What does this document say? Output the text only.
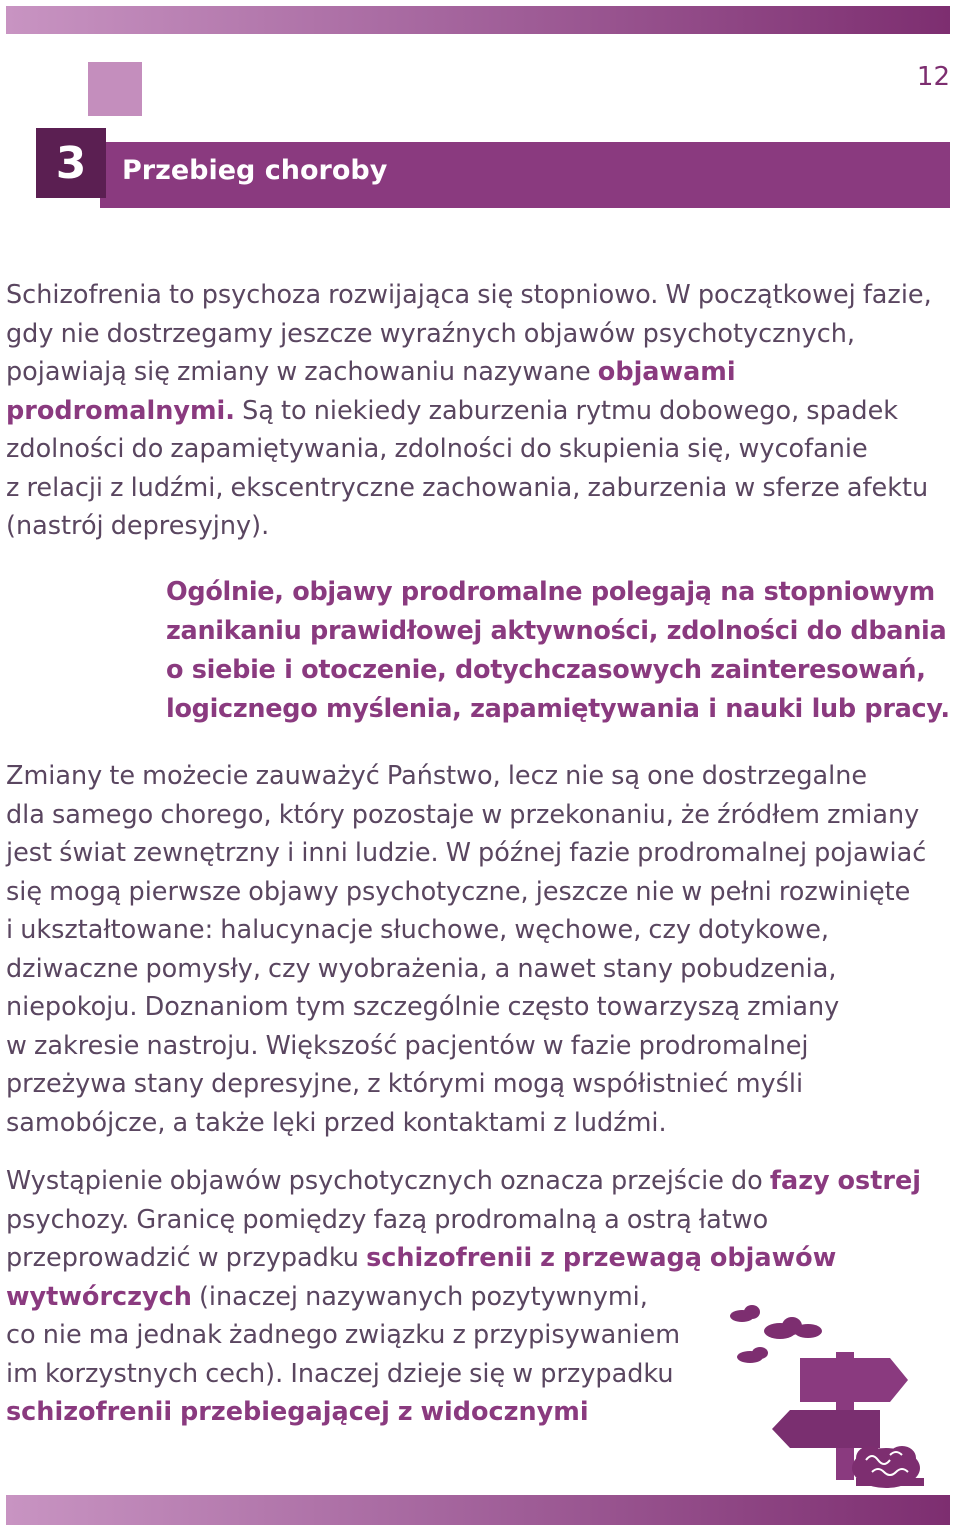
12
3	Przebieg choroby
Schizofrenia to psychoza rozwijająca się stopniowo. W początkowej fazie,
gdy nie dostrzegamy jeszcze wyraźnych objawów psychotycznych,
pojawiają się zmiany w zachowaniu nazywane objawami
prodromalnymi. Są to niekiedy zaburzenia rytmu dobowego, spadek
zdolności do zapamiętywania, zdolności do skupienia się, wycofanie
z relacji z ludźmi, ekscentryczne zachowania, zaburzenia w sferze afektu
(nastrój depresyjny).
Ogólnie, objawy prodromalne polegają na stopniowym
zanikaniu prawidłowej aktywności, zdolności do dbania
o siebie i otoczenie, dotychczasowych zainteresowań,
logicznego myślenia, zapamiętywania i nauki lub pracy.
Zmiany te możecie zauważyć Państwo, lecz nie są one dostrzegalne
dla samego chorego, który pozostaje w przekonaniu, że źródłem zmiany
jest świat zewnętrzny i inni ludzie. W późnej fazie prodromalnej pojawiać
się mogą pierwsze objawy psychotyczne, jeszcze nie w pełni rozwinięte
i ukształtowane: halucynacje słuchowe, węchowe, czy dotykowe,
dziwaczne pomysły, czy wyobrażenia, a nawet stany pobudzenia,
niepokoju. Doznaniom tym szczególnie często towarzyszą zmiany
w zakresie nastroju. Większość pacjentów w fazie prodromalnej
przeżywa stany depresyjne, z którymi mogą współistnieć myśli
samobójcze, a także lęki przed kontaktami z ludźmi.
Wystąpienie objawów psychotycznych oznacza przejście do fazy ostrej
psychozy. Granicę pomiędzy fazą prodromalną a ostrą łatwo
przeprowadzić w przypadku schizofrenii z przewagą objawów
wytwórczych (inaczej nazywanych pozytywnymi,
co nie ma jednak żadnego związku z przypisywaniem
im korzystnych cech). Inaczej dzieje się w przypadku
schizofrenii przebiegającej z widocznymi
